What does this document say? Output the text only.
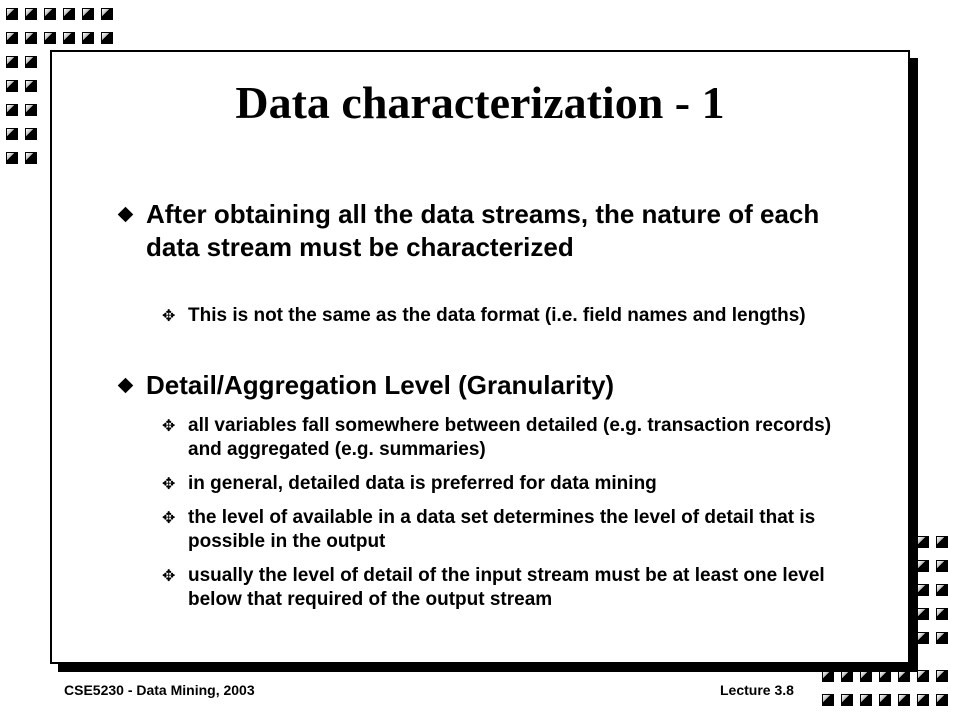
Data characterization - 1
After obtaining all the data streams, the nature of each data stream must be characterized
✥ This is not the same as the data format (i.e. field names and lengths)
Detail/Aggregation Level (Granularity)
✥ all variables fall somewhere between detailed (e.g. transaction records) and aggregated (e.g. summaries)
✥ in general, detailed data is preferred for data mining
✥ the level of available in a data set determines the level of detail that is possible in the output
✥ usually the level of detail of the input stream must be at least one level below that required of the output stream
CSE5230 - Data Mining, 2003	Lecture 3.8
